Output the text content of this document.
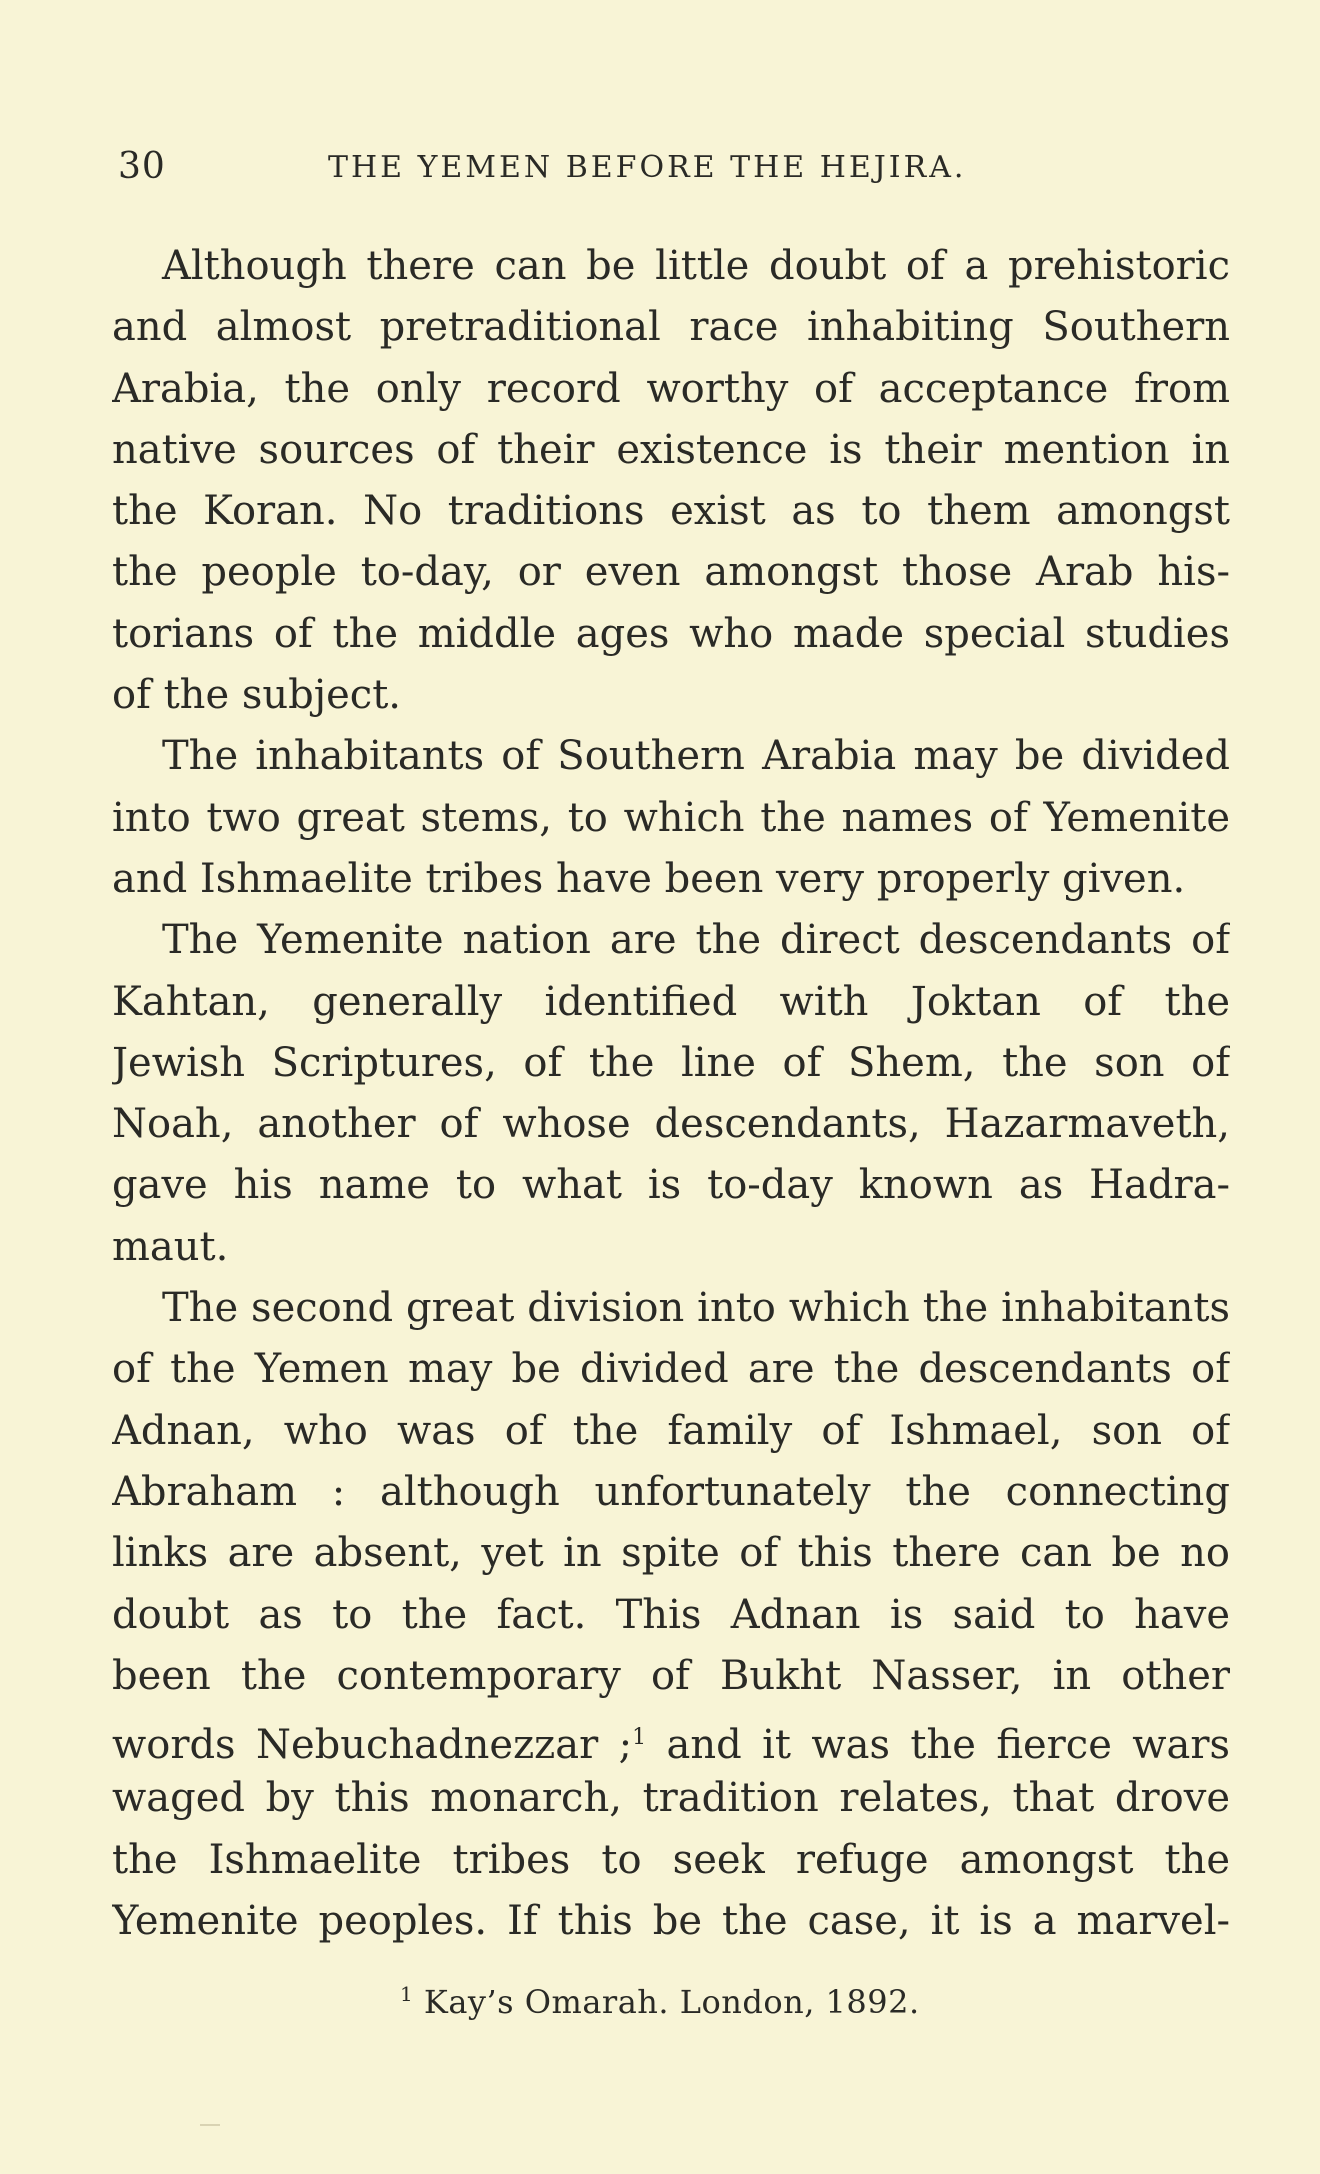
30	THE YEMEN BEFORE THE HEJIRA.
Although there can be little doubt of a prehistoric
and almost pretraditional race inhabiting Southern
Arabia, the only record worthy of acceptance from
native sources of their existence is their mention in
the Koran. No traditions exist as to them amongst
the people to-day, or even amongst those Arab his-
torians of the middle ages who made special studies
of the subject.
The inhabitants of Southern Arabia may be divided
into two great stems, to which the names of Yemenite
and Ishmaelite tribes have been very properly given.
The Yemenite nation are the direct descendants of
Kahtan, generally identified with Joktan of the
Jewish Scriptures, of the line of Shem, the son of
Noah, another of whose descendants, Hazarmaveth,
gave his name to what is to-day known as Hadra-
maut.
The second great division into which the inhabitants
of the Yemen may be divided are the descendants of
Adnan, who was of the family of Ishmael, son of
Abraham : although unfortunately the connecting
links are absent, yet in spite of this there can be no
doubt as to the fact. This Adnan is said to have
been the contemporary of Bukht Nasser, in other
words Nebuchadnezzar ;$^1$ and it was the fierce wars
waged by this monarch, tradition relates, that drove
the Ishmaelite tribes to seek refuge amongst the
Yemenite peoples. If this be the case, it is a marvel-
$^1$ Kay’s Omarah. London, 1892.
